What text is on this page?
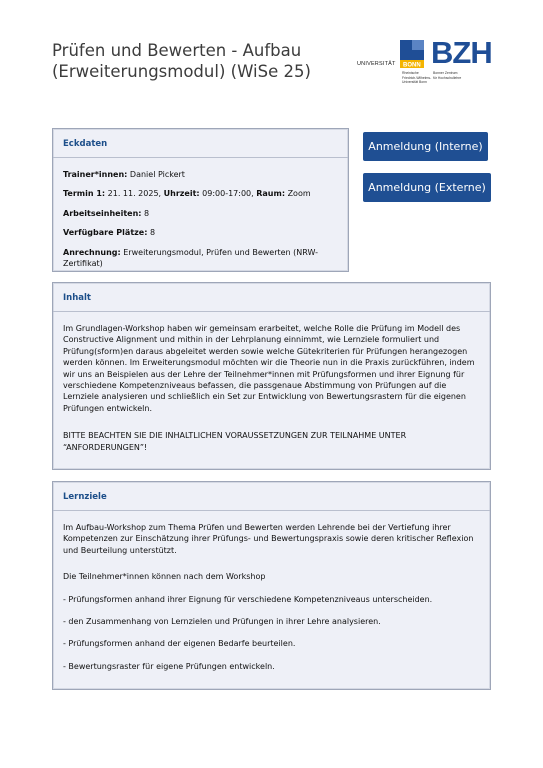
Prüfen und Bewerten - Aufbau
(Erweiterungsmodul) (WiSe 25)	UNIVERSITÄT BONN
Rheinische
Friedrich-Wilhelms-
Universität Bonn
BZH
Bonner Zentrum
für Hochschullehre
Eckdaten
Trainer*innen: Daniel Pickert
Termin 1: 21. 11. 2025, Uhrzeit: 09:00-17:00, Raum: Zoom
Arbeitseinheiten: 8
Verfügbare Plätze: 8
Anrechnung: Erweiterungsmodul, Prüfen und Bewerten (NRW-Zertifikat)
Anmeldung (Interne)
Anmeldung (Externe)
Inhalt

Im Grundlagen-Workshop haben wir gemeinsam erarbeitet, welche Rolle die Prüfung im Modell des Constructive Alignment und mithin in der Lehrplanung einnimmt, wie Lernziele formuliert und Prüfung(sform)en daraus abgeleitet werden sowie welche Gütekriterien für Prüfungen herangezogen werden können. Im Erweiterungsmodul möchten wir die Theorie nun in die Praxis zurückführen, indem wir uns an Beispielen aus der Lehre der Teilnehmer*innen mit Prüfungsformen und ihrer Eignung für verschiedene Kompetenzniveaus befassen, die passgenaue Abstimmung von Prüfungen auf die Lernziele analysieren und schließlich ein Set zur Entwicklung von Bewertungsrastern für die eigenen Prüfungen entwickeln.

BITTE BEACHTEN SIE DIE INHALTLICHEN VORAUSSETZUNGEN ZUR TEILNAHME UNTER “ANFORDERUNGEN”!

Lernziele

Im Aufbau-Workshop zum Thema Prüfen und Bewerten werden Lehrende bei der Vertiefung ihrer Kompetenzen zur Einschätzung ihrer Prüfungs- und Bewertungspraxis sowie deren kritischer Reflexion und Beurteilung unterstützt.

Die Teilnehmer*innen können nach dem Workshop

- Prüfungsformen anhand ihrer Eignung für verschiedene Kompetenzniveaus unterscheiden.

- den Zusammenhang von Lernzielen und Prüfungen in ihrer Lehre analysieren.

- Prüfungsformen anhand der eigenen Bedarfe beurteilen.

- Bewertungsraster für eigene Prüfungen entwickeln.
